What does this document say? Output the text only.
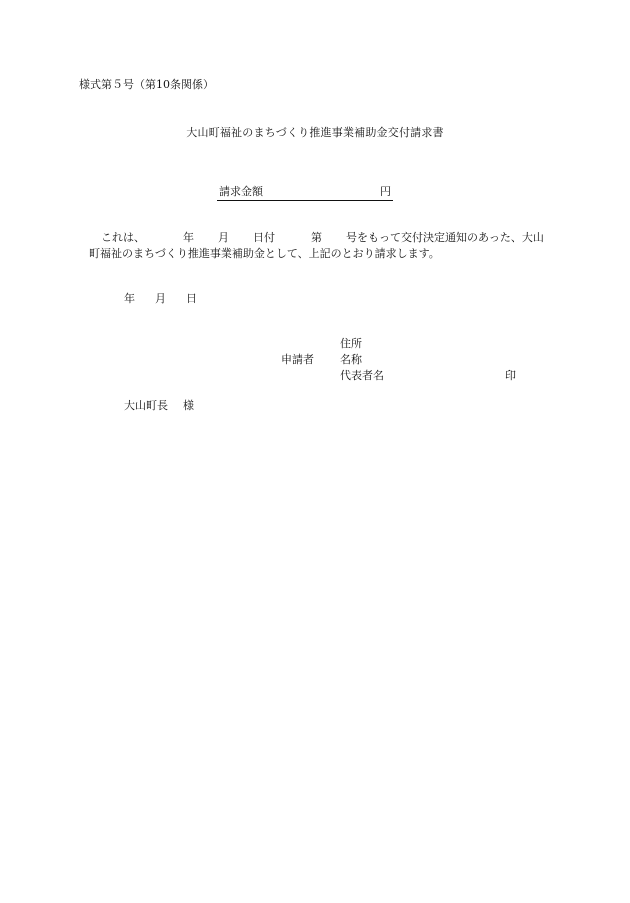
様式第５号（第10条関係）
大山町福祉のまちづくり推進事業補助金交付請求書
請求金額	円
これは、	年 月 日付	第 号をもって交付決定通知のあった、大山
町福祉のまちづくり推進事業補助金として、上記のとおり請求します。
年 月 日
住所
申請者 名称
代表者名	印
大山町長 様
